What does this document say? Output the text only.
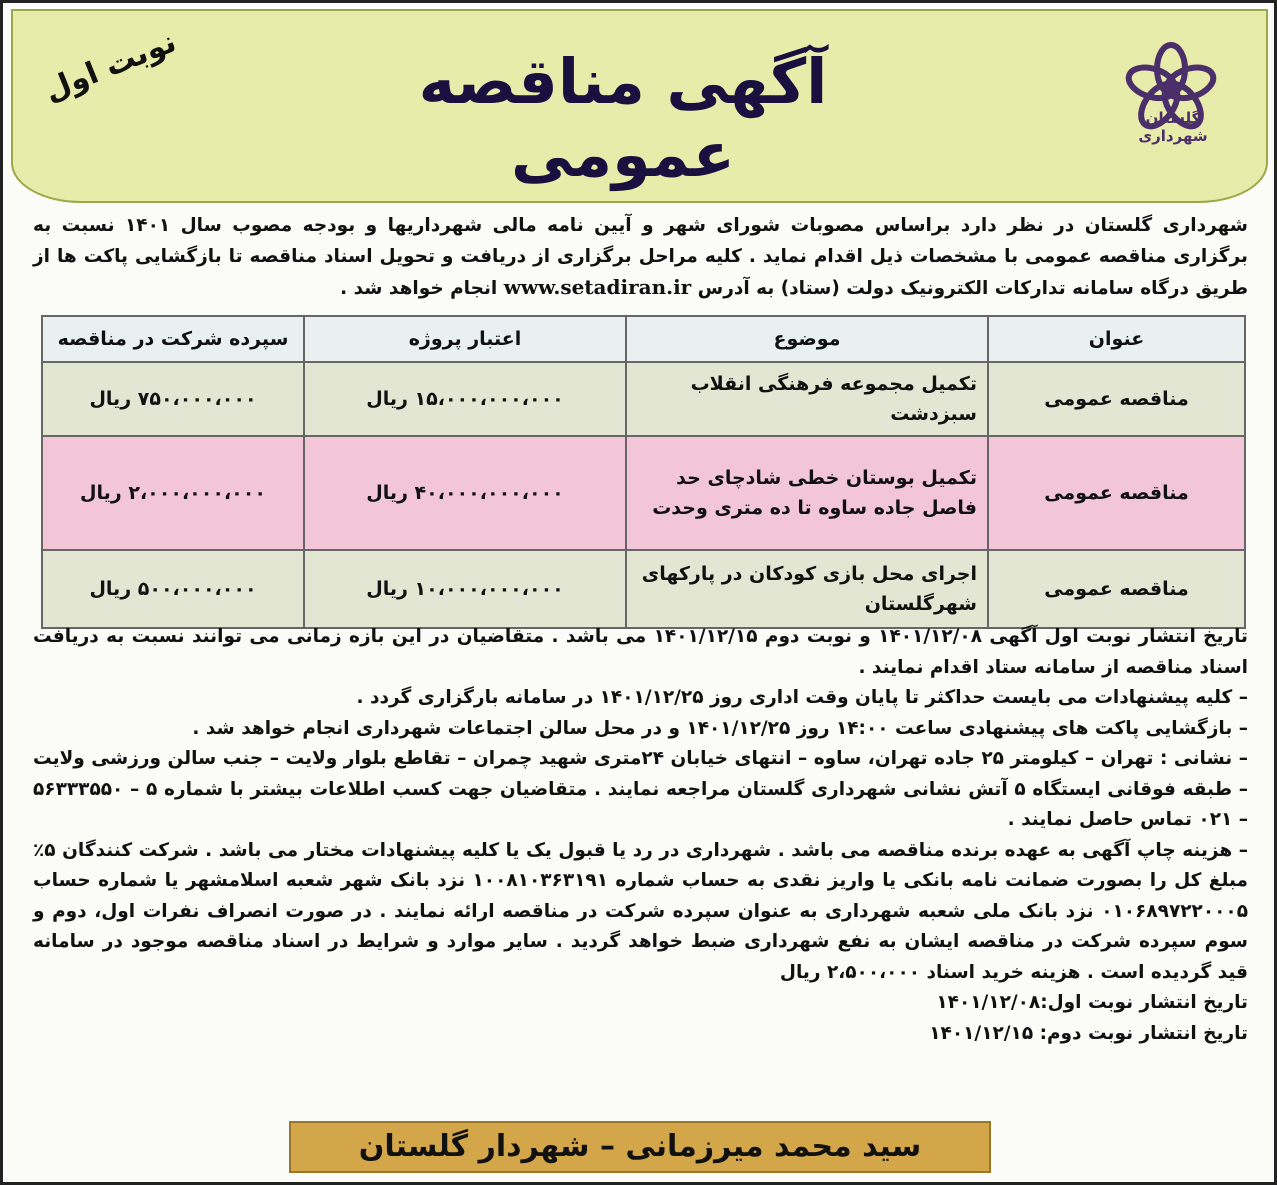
نوبت اول	آگهی مناقصه عمومی	گلستان
شهرداری
شهرداری گلستان در نظر دارد براساس مصوبات شورای شهر و آیین نامه مالی شهرداریها و بودجه مصوب سال ۱۴۰۱ نسبت به برگزاری مناقصه عمومی با مشخصات ذیل اقدام نماید . کلیه مراحل برگزاری از دریافت و تحویل اسناد مناقصه تا بازگشایی پاکت ها از طریق درگاه سامانه تدارکات الکترونیک دولت (ستاد) به آدرس www.setadiran.ir انجام خواهد شد .
عنوان	موضوع	اعتبار پروژه	سپرده شرکت در مناقصه
مناقصه عمومی	تکمیل مجموعه فرهنگی انقلاب سبزدشت	۱۵،۰۰۰،۰۰۰،۰۰۰ ریال	۷۵۰،۰۰۰،۰۰۰ ریال
مناقصه عمومی	تکمیل بوستان خطی شادچای حد فاصل جاده ساوه تا ده متری وحدت	۴۰،۰۰۰،۰۰۰،۰۰۰ ریال	۲،۰۰۰،۰۰۰،۰۰۰ ریال
مناقصه عمومی	اجرای محل بازی کودکان در پارکهای شهرگلستان	۱۰،۰۰۰،۰۰۰،۰۰۰ ریال	۵۰۰،۰۰۰،۰۰۰ ریال

تاریخ انتشار نوبت اول آگهی ۱۴۰۱/۱۲/۰۸ و نوبت دوم ۱۴۰۱/۱۲/۱۵ می باشد . متقاضیان در این بازه زمانی می توانند نسبت به دریافت اسناد مناقصه از سامانه ستاد اقدام نمایند .

– کلیه پیشنهادات می بایست حداکثر تا پایان وقت اداری روز ۱۴۰۱/۱۲/۲۵ در سامانه بارگزاری گردد .

– بازگشایی پاکت های پیشنهادی ساعت ۱۴:۰۰ روز ۱۴۰۱/۱۲/۲۵ و در محل سالن اجتماعات شهرداری انجام خواهد شد .

– نشانی : تهران – کیلومتر ۲۵ جاده تهران، ساوه – انتهای خیابان ۲۴متری شهید چمران – تقاطع بلوار ولایت – جنب سالن ورزشی ولایت – طبقه فوقانی ایستگاه ۵ آتش نشانی شهرداری گلستان مراجعه نمایند . متقاضیان جهت کسب اطلاعات بیشتر با شماره ۵ – ۵۶۳۳۳۵۵۰ – ۰۲۱ تماس حاصل نمایند .

– هزینه چاپ آگهی به عهده برنده مناقصه می باشد . شهرداری در رد یا قبول یک یا کلیه پیشنهادات مختار می باشد . شرکت کنندگان ۵٪ مبلغ کل را بصورت ضمانت نامه بانکی یا واریز نقدی به حساب شماره ۱۰۰۸۱۰۳۶۳۱۹۱ نزد بانک شهر شعبه اسلامشهر یا شماره حساب ۰۱۰۶۸۹۷۲۲۰۰۰۵ نزد بانک ملی شعبه شهرداری به عنوان سپرده شرکت در مناقصه ارائه نمایند . در صورت انصراف نفرات اول، دوم و سوم سپرده شرکت در مناقصه ایشان به نفع شهرداری ضبط خواهد گردید . سایر موارد و شرایط در اسناد مناقصه موجود در سامانه قید گردیده است . هزینه خرید اسناد ۲،۵۰۰،۰۰۰ ریال

تاریخ انتشار نوبت اول:۱۴۰۱/۱۲/۰۸

تاریخ انتشار نوبت دوم: ۱۴۰۱/۱۲/۱۵

سید محمد میرزمانی – شهردار گلستان
